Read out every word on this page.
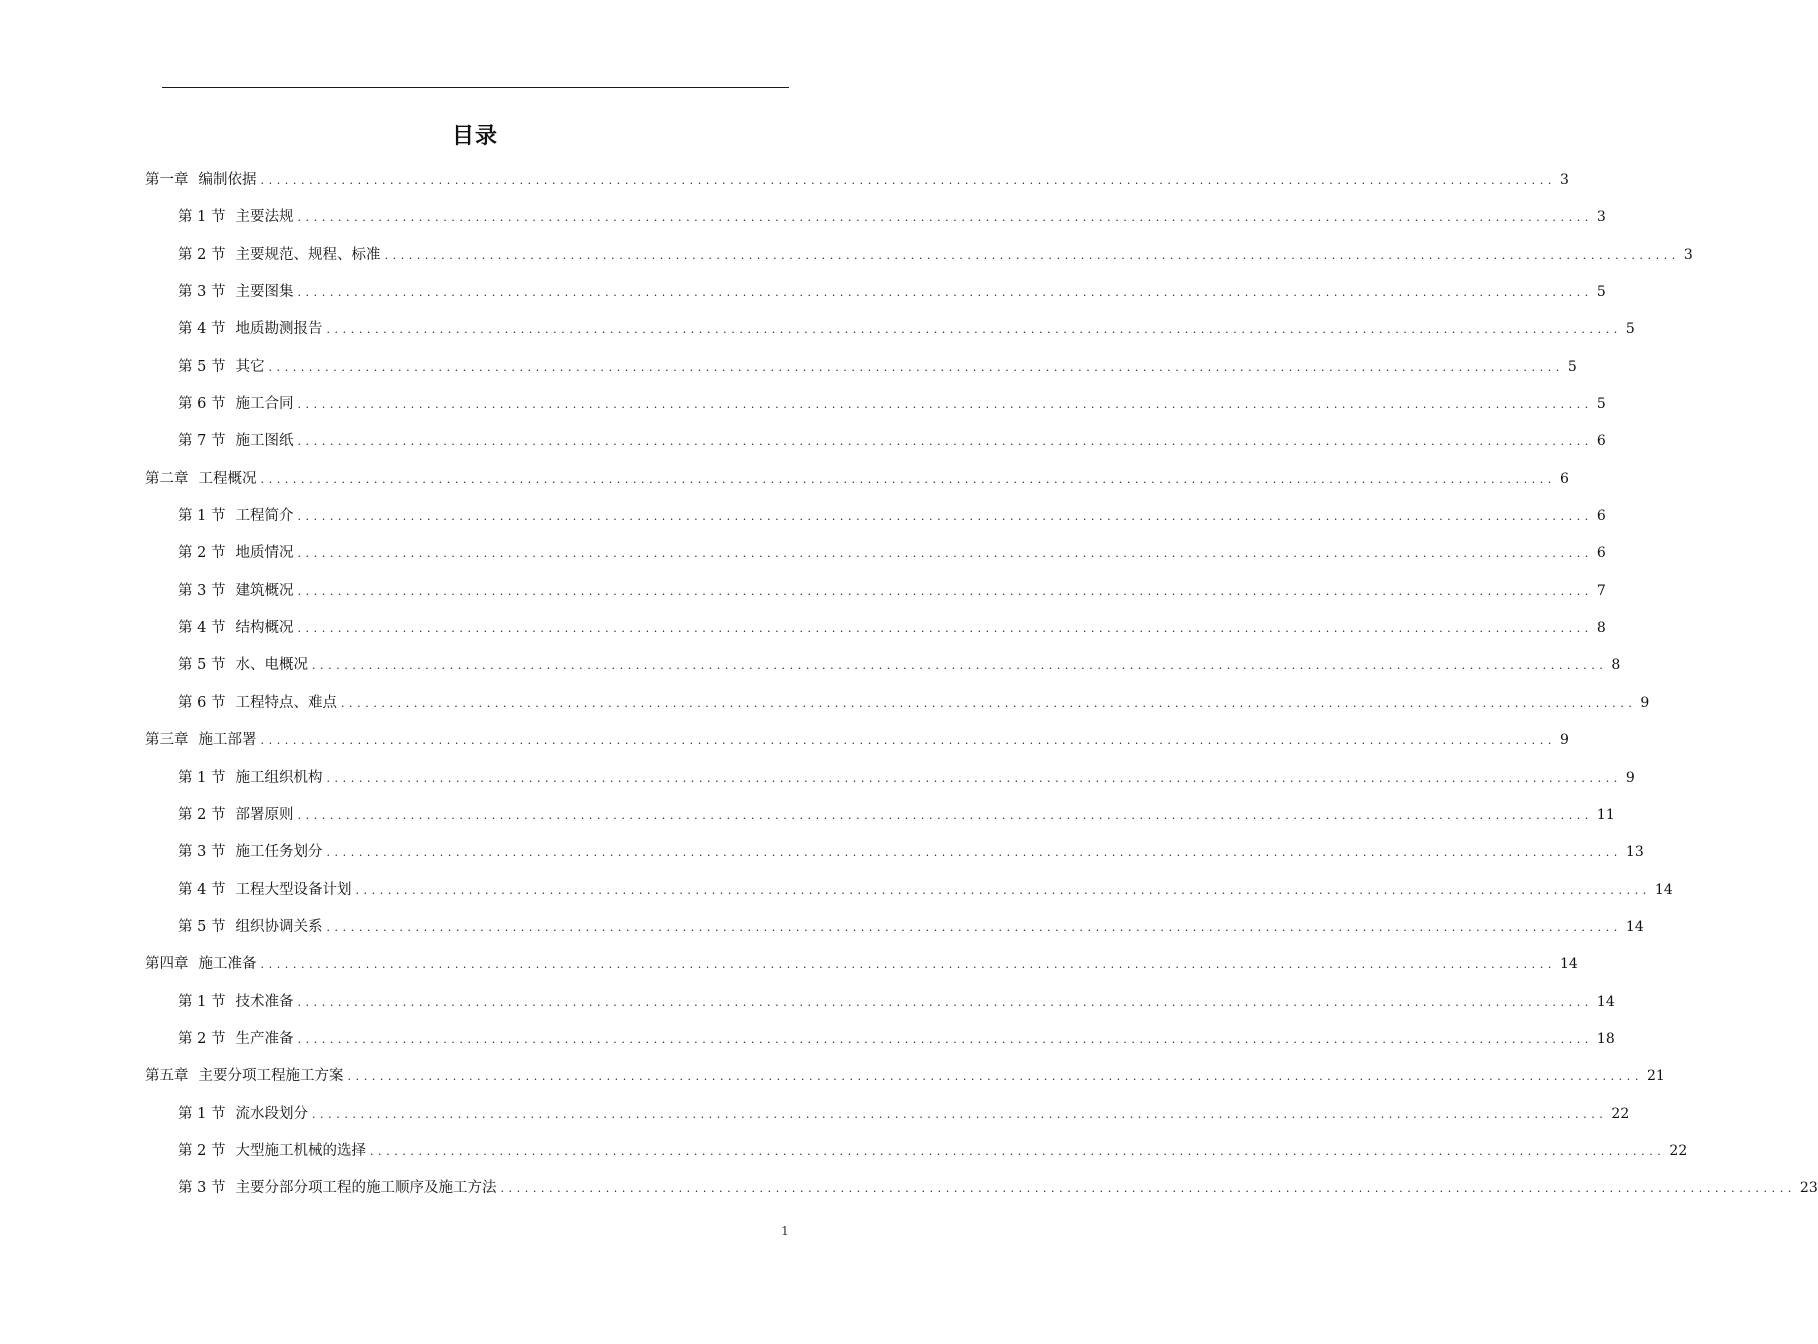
目录
第一章 编制依据 ................................................................................................................................................................ 3
第 1 节 主要法规 ................................................................................................................................................................ 3
第 2 节 主要规范、规程、标准 ................................................................................................................................................................ 3
第 3 节 主要图集 ................................................................................................................................................................ 5
第 4 节 地质勘测报告 ................................................................................................................................................................ 5
第 5 节 其它 ................................................................................................................................................................ 5
第 6 节 施工合同 ................................................................................................................................................................ 5
第 7 节 施工图纸 ................................................................................................................................................................ 6
第二章 工程概况 ................................................................................................................................................................ 6
第 1 节 工程简介 ................................................................................................................................................................ 6
第 2 节 地质情况 ................................................................................................................................................................ 6
第 3 节 建筑概况 ................................................................................................................................................................ 7
第 4 节 结构概况 ................................................................................................................................................................ 8
第 5 节 水、电概况 ................................................................................................................................................................ 8
第 6 节 工程特点、难点 ................................................................................................................................................................ 9
第三章 施工部署 ................................................................................................................................................................ 9
第 1 节 施工组织机构 ................................................................................................................................................................ 9
第 2 节 部署原则 ................................................................................................................................................................ 11
第 3 节 施工任务划分 ................................................................................................................................................................ 13
第 4 节 工程大型设备计划 ................................................................................................................................................................ 14
第 5 节 组织协调关系 ................................................................................................................................................................ 14
第四章 施工准备 ................................................................................................................................................................ 14
第 1 节 技术准备 ................................................................................................................................................................ 14
第 2 节 生产准备 ................................................................................................................................................................ 18
第五章 主要分项工程施工方案 ................................................................................................................................................................ 21
第 1 节 流水段划分 ................................................................................................................................................................ 22
第 2 节 大型施工机械的选择 ................................................................................................................................................................ 22
第 3 节 主要分部分项工程的施工顺序及施工方法 ................................................................................................................................................................ 23
1
